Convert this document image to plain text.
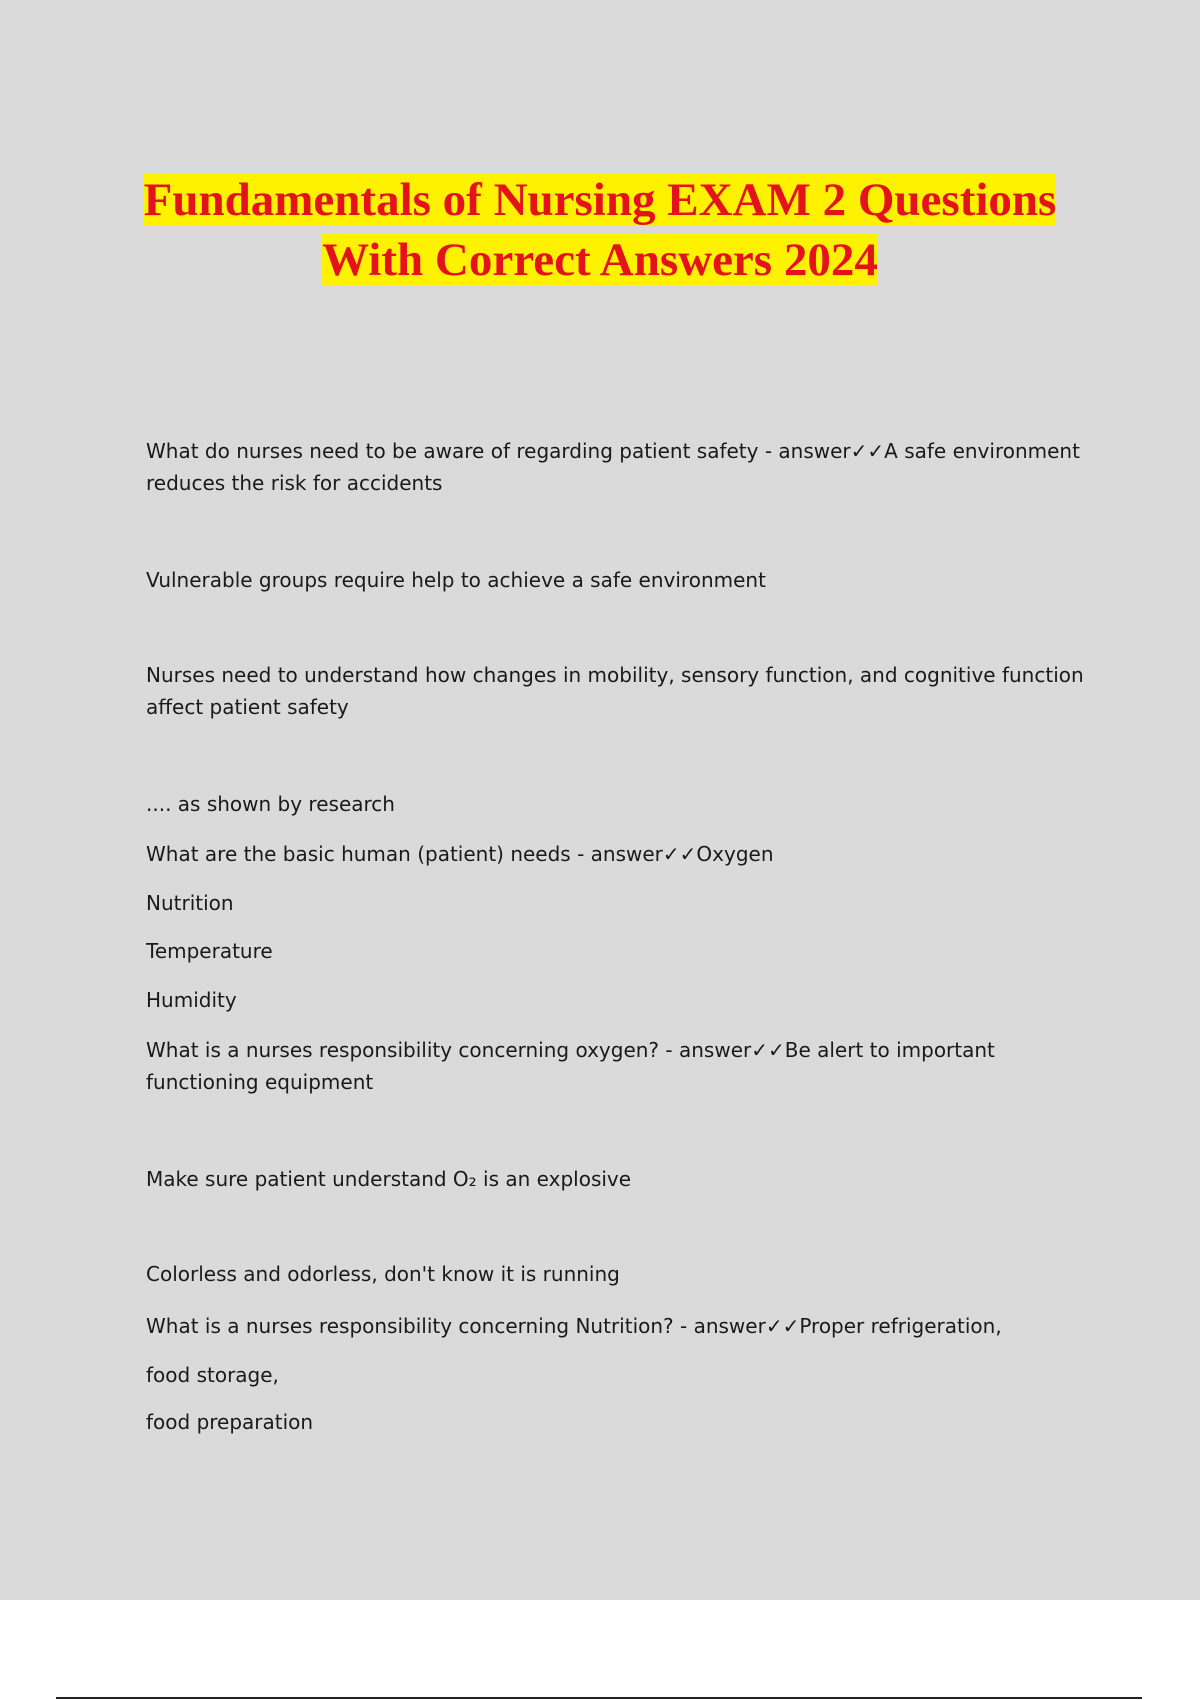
Fundamentals of Nursing EXAM 2 Questions
With Correct Answers 2024
What do nurses need to be aware of regarding patient safety - answer✓✓A safe environment
reduces the risk for accidents
Vulnerable groups require help to achieve a safe environment
Nurses need to understand how changes in mobility, sensory function, and cognitive function
affect patient safety
.... as shown by research
What are the basic human (patient) needs - answer✓✓Oxygen
Nutrition
Temperature
Humidity
What is a nurses responsibility concerning oxygen? - answer✓✓Be alert to important
functioning equipment
Make sure patient understand O₂ is an explosive
Colorless and odorless, don't know it is running
What is a nurses responsibility concerning Nutrition? - answer✓✓Proper refrigeration,
food storage,
food preparation
